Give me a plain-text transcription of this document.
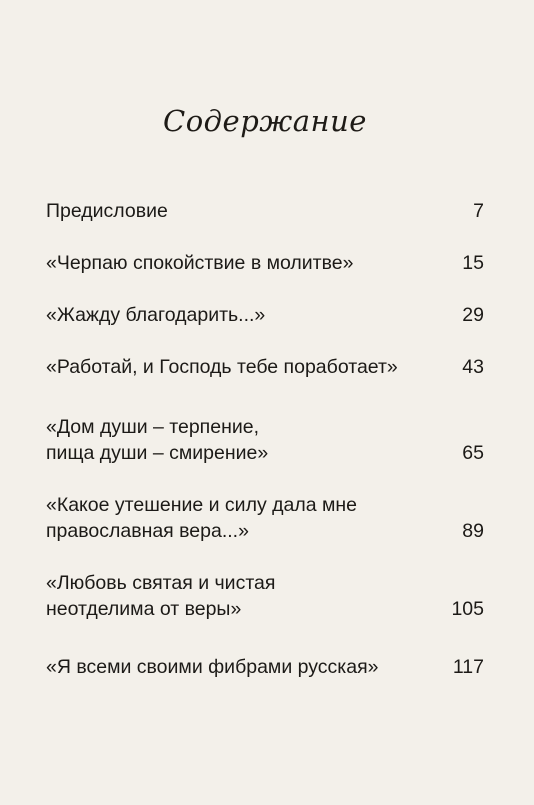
Содержание
Предисловие	7
«Черпаю спокойствие в молитве»	15
«Жажду благодарить...»	29
«Работай, и Господь тебе поработает»	43
«Дом души – терпение,
пища души – смирение»	65
«Какое утешение и силу дала мне
православная вера...»	89
«Любовь святая и чистая
неотделима от веры»	105
«Я всеми своими фибрами русская»	117
